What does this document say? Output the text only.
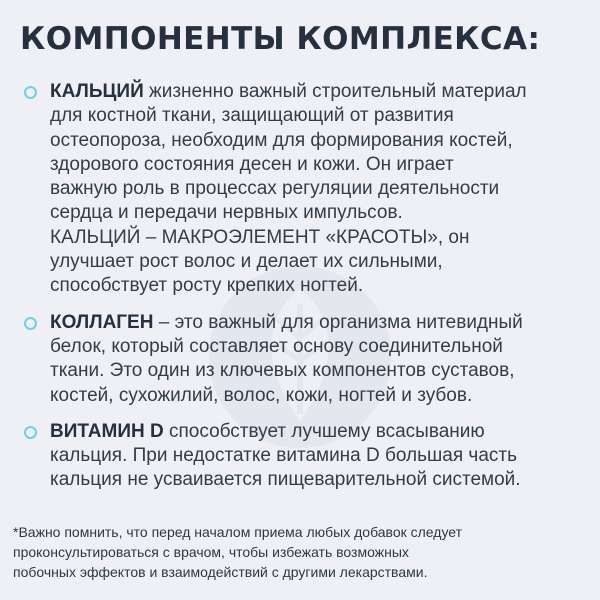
КОМПОНЕНТЫ КОМПЛЕКСА:
КАЛЬЦИЙ жизненно важный строительный материал
для костной ткани, защищающий от развития
остеопороза, необходим для формирования костей,
здорового состояния десен и кожи. Он играет
важную роль в процессах регуляции деятельности
сердца и передачи нервных импульсов.
КАЛЬЦИЙ – МАКРОЭЛЕМЕНТ «КРАСОТЫ», он
улучшает рост волос и делает их сильными,
способствует росту крепких ногтей.
КОЛЛАГЕН – это важный для организма нитевидный
белок, который составляет основу соединительной
ткани. Это один из ключевых компонентов суставов,
костей, сухожилий, волос, кожи, ногтей и зубов.
ВИТАМИН D способствует лучшему всасыванию
кальция. При недостатке витамина D большая часть
кальция не усваивается пищеварительной системой.
*Важно помнить, что перед началом приема любых добавок следует
проконсультироваться с врачом, чтобы избежать возможных
побочных эффектов и взаимодействий с другими лекарствами.
